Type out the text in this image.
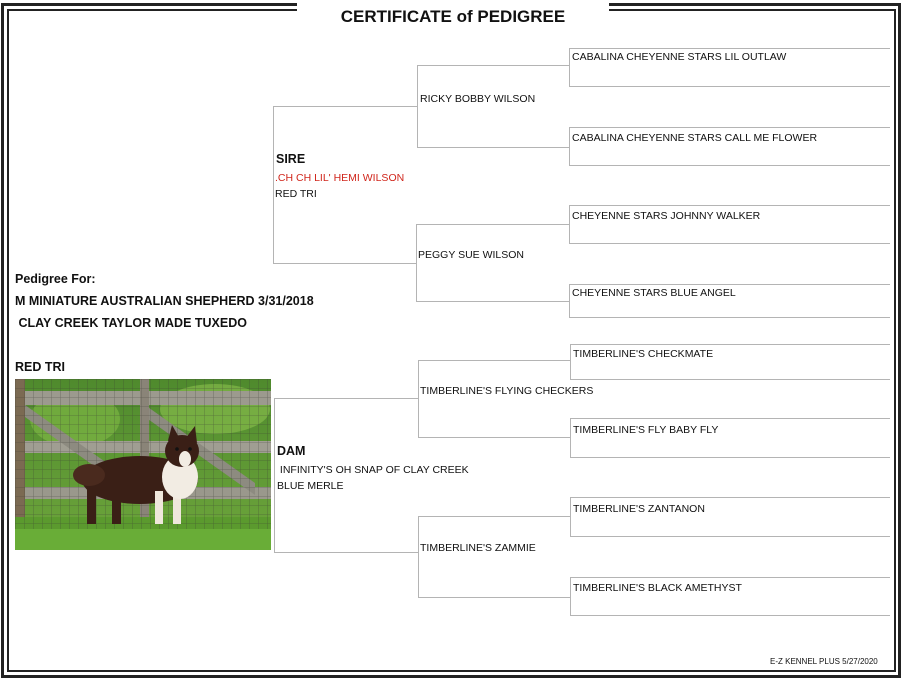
CERTIFICATE of PEDIGREE
Pedigree For:
M MINIATURE AUSTRALIAN SHEPHERD 3/31/2018
CLAY CREEK TAYLOR MADE TUXEDO
RED TRI
SIRE
.CH CH LIL' HEMI WILSON
RED TRI
RICKY BOBBY WILSON
PEGGY SUE WILSON
CABALINA CHEYENNE STARS LIL OUTLAW
CABALINA CHEYENNE STARS CALL ME FLOWER
CHEYENNE STARS JOHNNY WALKER
CHEYENNE STARS BLUE ANGEL
DAM
INFINITY'S OH SNAP OF CLAY CREEK
BLUE MERLE
TIMBERLINE'S FLYING CHECKERS
TIMBERLINE'S ZAMMIE
TIMBERLINE'S CHECKMATE
TIMBERLINE'S FLY BABY FLY
TIMBERLINE'S ZANTANON
TIMBERLINE'S BLACK AMETHYST
E-Z KENNEL PLUS 5/27/2020
